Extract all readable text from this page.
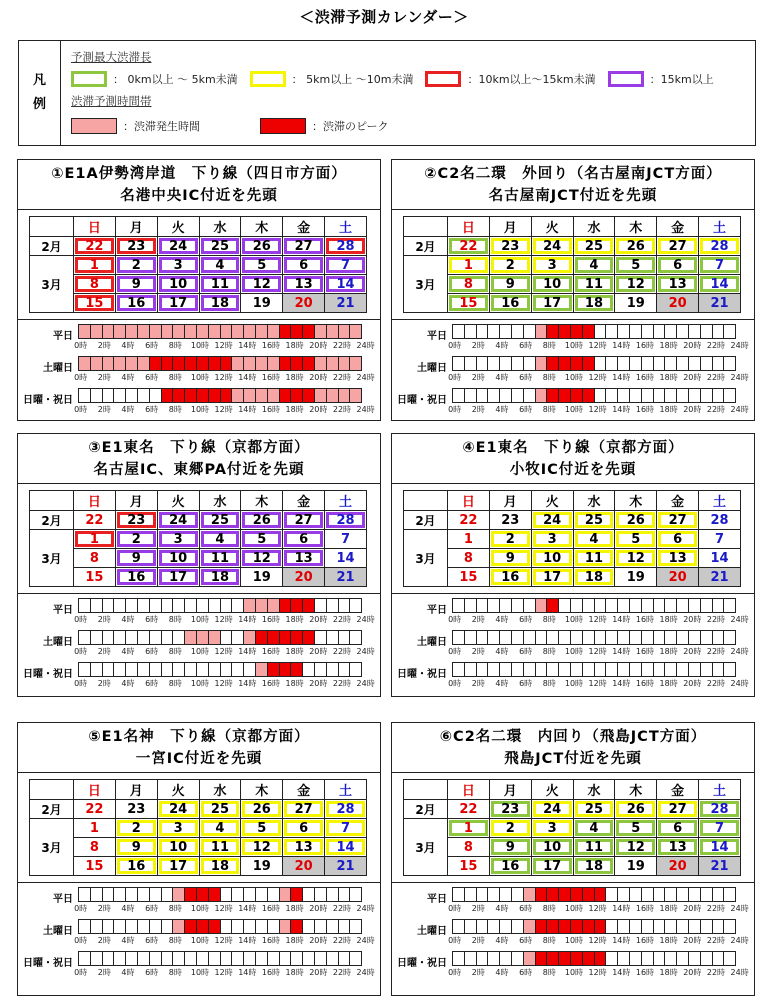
＜渋滞予測カレンダー＞
凡
例
予測最大渋滞長
： 0km以上 ～ 5km未満	： 5km以上 ～10m未満	：10km以上～15km未満	：15km以上
渋滞予測時間帯
：渋滞発生時間	：渋滞のピーク
①E1A伊勢湾岸道　下り線（四日市方面）
名港中央IC付近を先頭
	日	月	火	水	木	金	土
2月	22	23	24	25	26	27	28

3月	1	2	3	4	5	6	7

8	9	10	11	12	13	14

15	16	17	18	19	20	21
平日
0時 2時 4時 6時 8時 10時 12時 14時 16時 18時 20時 22時 24時
土曜日
0時 2時 4時 6時 8時 10時 12時 14時 16時 18時 20時 22時 24時
日曜・祝日
0時 2時 4時 6時 8時 10時 12時 14時 16時 18時 20時 22時 24時
②C2名二環　外回り（名古屋南JCT方面）
名古屋南JCT付近を先頭
	日	月	火	水	木	金	土
2月	22	23	24	25	26	27	28

3月	1	2	3	4	5	6	7

8	9	10	11	12	13	14

15	16	17	18	19	20	21
平日
0時 2時 4時 6時 8時 10時 12時 14時 16時 18時 20時 22時 24時
土曜日
0時 2時 4時 6時 8時 10時 12時 14時 16時 18時 20時 22時 24時
日曜・祝日
0時 2時 4時 6時 8時 10時 12時 14時 16時 18時 20時 22時 24時
③E1東名　下り線（京都方面）
名古屋IC、東郷PA付近を先頭
	日	月	火	水	木	金	土
2月	22	23	24	25	26	27	28

3月	1	2	3	4	5	6	7

8	9	10	11	12	13	14

15	16	17	18	19	20	21
平日
0時 2時 4時 6時 8時 10時 12時 14時 16時 18時 20時 22時 24時
土曜日
0時 2時 4時 6時 8時 10時 12時 14時 16時 18時 20時 22時 24時
日曜・祝日
0時 2時 4時 6時 8時 10時 12時 14時 16時 18時 20時 22時 24時
④E1東名　下り線（京都方面）
小牧IC付近を先頭
	日	月	火	水	木	金	土
2月	22	23	24	25	26	27	28

3月	1	2	3	4	5	6	7

8	9	10	11	12	13	14

15	16	17	18	19	20	21
平日
0時 2時 4時 6時 8時 10時 12時 14時 16時 18時 20時 22時 24時
土曜日
0時 2時 4時 6時 8時 10時 12時 14時 16時 18時 20時 22時 24時
日曜・祝日
0時 2時 4時 6時 8時 10時 12時 14時 16時 18時 20時 22時 24時
⑤E1名神　下り線（京都方面）
一宮IC付近を先頭
	日	月	火	水	木	金	土
2月	22	23	24	25	26	27	28

3月	1	2	3	4	5	6	7

8	9	10	11	12	13	14

15	16	17	18	19	20	21
平日
0時 2時 4時 6時 8時 10時 12時 14時 16時 18時 20時 22時 24時
土曜日
0時 2時 4時 6時 8時 10時 12時 14時 16時 18時 20時 22時 24時
日曜・祝日
0時 2時 4時 6時 8時 10時 12時 14時 16時 18時 20時 22時 24時
⑥C2名二環　内回り（飛島JCT方面）
飛島JCT付近を先頭
	日	月	火	水	木	金	土
2月	22	23	24	25	26	27	28

3月	1	2	3	4	5	6	7

8	9	10	11	12	13	14

15	16	17	18	19	20	21
平日
0時 2時 4時 6時 8時 10時 12時 14時 16時 18時 20時 22時 24時
土曜日
0時 2時 4時 6時 8時 10時 12時 14時 16時 18時 20時 22時 24時
日曜・祝日
0時 2時 4時 6時 8時 10時 12時 14時 16時 18時 20時 22時 24時
